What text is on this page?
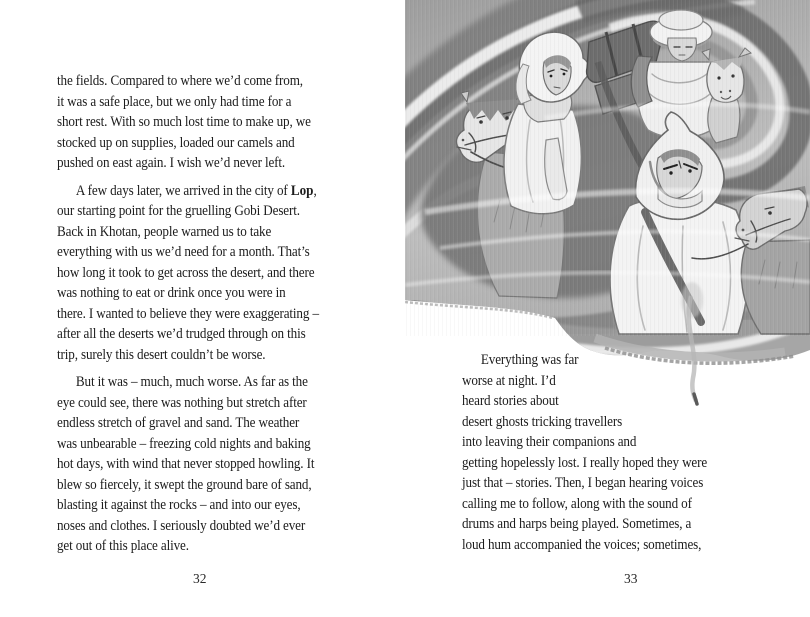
the fields. Compared to where we’d come from,
it was a safe place, but we only had time for a
short rest. With so much lost time to make up, we
stocked up on supplies, loaded our camels and
pushed on east again. I wish we’d never left.
A few days later, we arrived in the city of Lop,
our starting point for the gruelling Gobi Desert.
Back in Khotan, people warned us to take
everything with us we’d need for a month. That’s
how long it took to get across the desert, and there
was nothing to eat or drink once you were in
there. I wanted to believe they were exaggerating –
after all the deserts we’d trudged through on this
trip, surely this desert couldn’t be worse.
But it was – much, much worse. As far as the
eye could see, there was nothing but stretch after
endless stretch of gravel and sand. The weather
was unbearable – freezing cold nights and baking
hot days, with wind that never stopped howling. It
blew so fiercely, it swept the ground bare of sand,
blasting it against the rocks – and into our eyes,
noses and clothes. I seriously doubted we’d ever
get out of this place alive.
Everything was far
worse at night. I’d
heard stories about
desert ghosts tricking travellers
into leaving their companions and
getting hopelessly lost. I really hoped they were
just that – stories. Then, I began hearing voices
calling me to follow, along with the sound of
drums and harps being played. Sometimes, a
loud hum accompanied the voices; sometimes,
32	33
